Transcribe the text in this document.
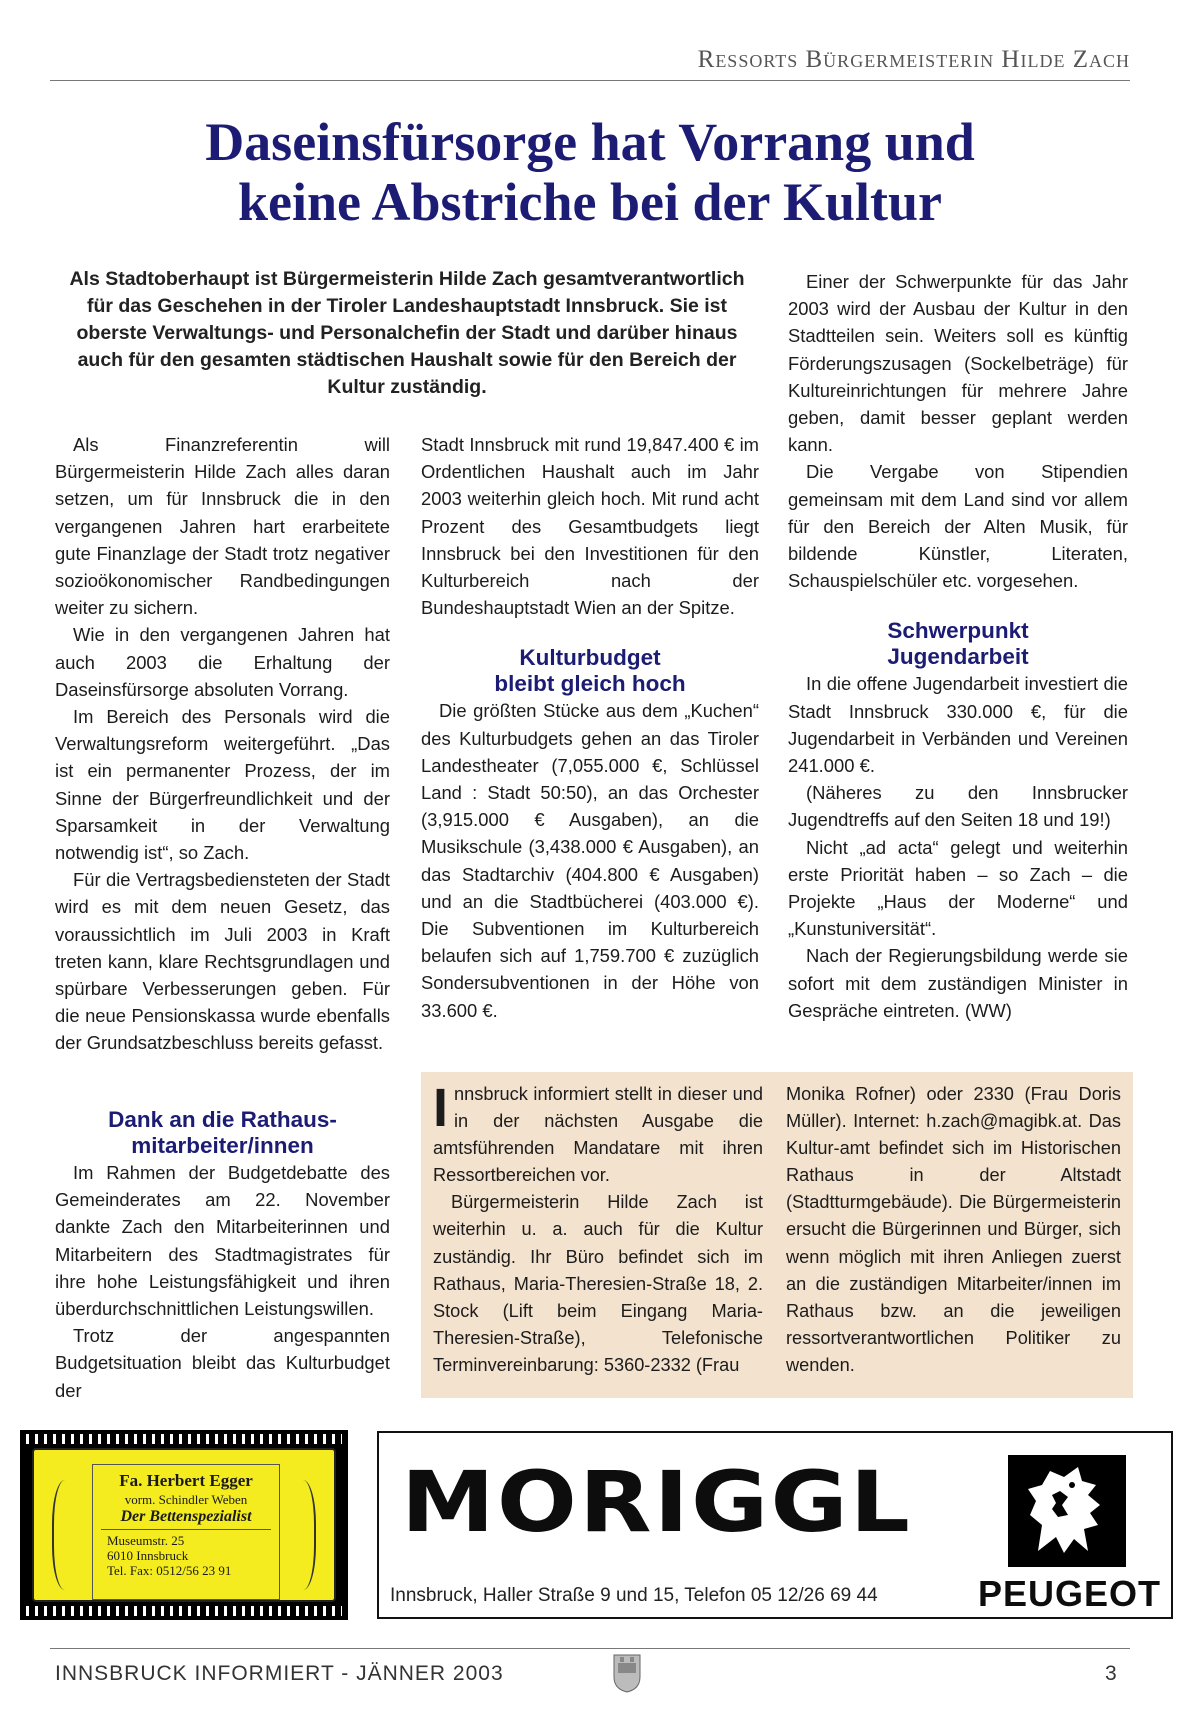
Ressorts Bürgermeisterin Hilde Zach
Daseinsfürsorge hat Vorrang und
keine Abstriche bei der Kultur
Als Stadtoberhaupt ist Bürgermeisterin Hilde Zach gesamtverantwortlich für das Geschehen in der Tiroler Landeshauptstadt Innsbruck. Sie ist oberste Verwaltungs- und Personalchefin der Stadt und darüber hinaus auch für den gesamten städtischen Haushalt sowie für den Bereich der Kultur zuständig.

Als Finanzreferentin will Bürgermeisterin Hilde Zach alles daran setzen, um für Innsbruck die in den vergangenen Jahren hart erarbeitete gute Finanzlage der Stadt trotz negativer sozioökonomischer Randbedingungen weiter zu sichern.

Wie in den vergangenen Jahren hat auch 2003 die Erhaltung der Daseinsfürsorge absoluten Vorrang.

Im Bereich des Personals wird die Verwaltungsreform weitergeführt. „Das ist ein permanenter Prozess, der im Sinne der Bürgerfreundlichkeit und der Sparsamkeit in der Verwaltung notwendig ist“, so Zach.

Für die Vertragsbediensteten der Stadt wird es mit dem neuen Gesetz, das voraussichtlich im Juli 2003 in Kraft treten kann, klare Rechtsgrundlagen und spürbare Verbesserungen geben. Für die neue Pensionskassa wurde ebenfalls der Grundsatzbeschluss bereits gefasst.

Dank an die Rathaus-
mitarbeiter/innen

Im Rahmen der Budgetdebatte des Gemeinderates am 22. November dankte Zach den Mitarbeiterinnen und Mitarbeitern des Stadtmagistrates für ihre hohe Leistungsfähigkeit und ihren überdurchschnittlichen Leistungswillen.

Trotz der angespannten Budgetsituation bleibt das Kulturbudget der

Stadt Innsbruck mit rund 19,847.400 € im Ordentlichen Haushalt auch im Jahr 2003 weiterhin gleich hoch. Mit rund acht Prozent des Gesamtbudgets liegt Innsbruck bei den Investitionen für den Kulturbereich nach der Bundeshauptstadt Wien an der Spitze.

Kulturbudget
bleibt gleich hoch

Die größten Stücke aus dem „Kuchen“ des Kulturbudgets gehen an das Tiroler Landestheater (7,055.000 €, Schlüssel Land : Stadt 50:50), an das Orchester (3,915.000 € Ausgaben), an die Musikschule (3,438.000 € Ausgaben), an das Stadtarchiv (404.800 € Ausgaben) und an die Stadtbücherei (403.000 €). Die Subventionen im Kulturbereich belaufen sich auf 1,759.700 € zuzüglich Sondersubventionen in der Höhe von 33.600 €.

Einer der Schwerpunkte für das Jahr 2003 wird der Ausbau der Kultur in den Stadtteilen sein. Weiters soll es künftig Förderungszusagen (Sockelbeträge) für Kultureinrichtungen für mehrere Jahre geben, damit besser geplant werden kann.

Die Vergabe von Stipendien gemeinsam mit dem Land sind vor allem für den Bereich der Alten Musik, für bildende Künstler, Literaten, Schauspielschüler etc. vorgesehen.

Schwerpunkt
Jugendarbeit

In die offene Jugendarbeit investiert die Stadt Innsbruck 330.000 €, für die Jugendarbeit in Verbänden und Vereinen 241.000 €.

(Näheres zu den Innsbrucker Jugendtreffs auf den Seiten 18 und 19!)

Nicht „ad acta“ gelegt und weiterhin erste Priorität haben – so Zach – die Projekte „Haus der Moderne“ und „Kunstuniversität“.

Nach der Regierungsbildung werde sie sofort mit dem zuständigen Minister in Gespräche eintreten. (WW)

Innsbruck informiert stellt in dieser und in der nächsten Ausgabe die amtsführenden Mandatare mit ihren Ressortbereichen vor.

Bürgermeisterin Hilde Zach ist weiterhin u. a. auch für die Kultur zuständig. Ihr Büro befindet sich im Rathaus, Maria-Theresien-Straße 18, 2. Stock (Lift beim Eingang Maria-Theresien-Straße), Telefonische Terminvereinbarung: 5360-2332 (Frau

Monika Rofner) oder 2330 (Frau Doris Müller). Internet: h.zach@magibk.at. Das Kultur-amt befindet sich im Historischen Rathaus in der Altstadt (Stadtturmgebäude). Die Bürgermeisterin ersucht die Bürgerinnen und Bürger, sich wenn möglich mit ihren Anliegen zuerst an die zuständigen Mitarbeiter/innen im Rathaus bzw. an die jeweiligen ressortverantwortlichen Politiker zu wenden.

Fa. Herbert Egger
vorm. Schindler Weben
Der Bettenspezialist
Museumstr. 25
6010 Innsbruck
Tel. Fax: 0512/56 23 91
MORIGGL
Innsbruck, Haller Straße 9 und 15, Telefon 05 12/26 69 44	PEUGEOT
INNSBRUCK INFORMIERT - JÄNNER 2003	3
